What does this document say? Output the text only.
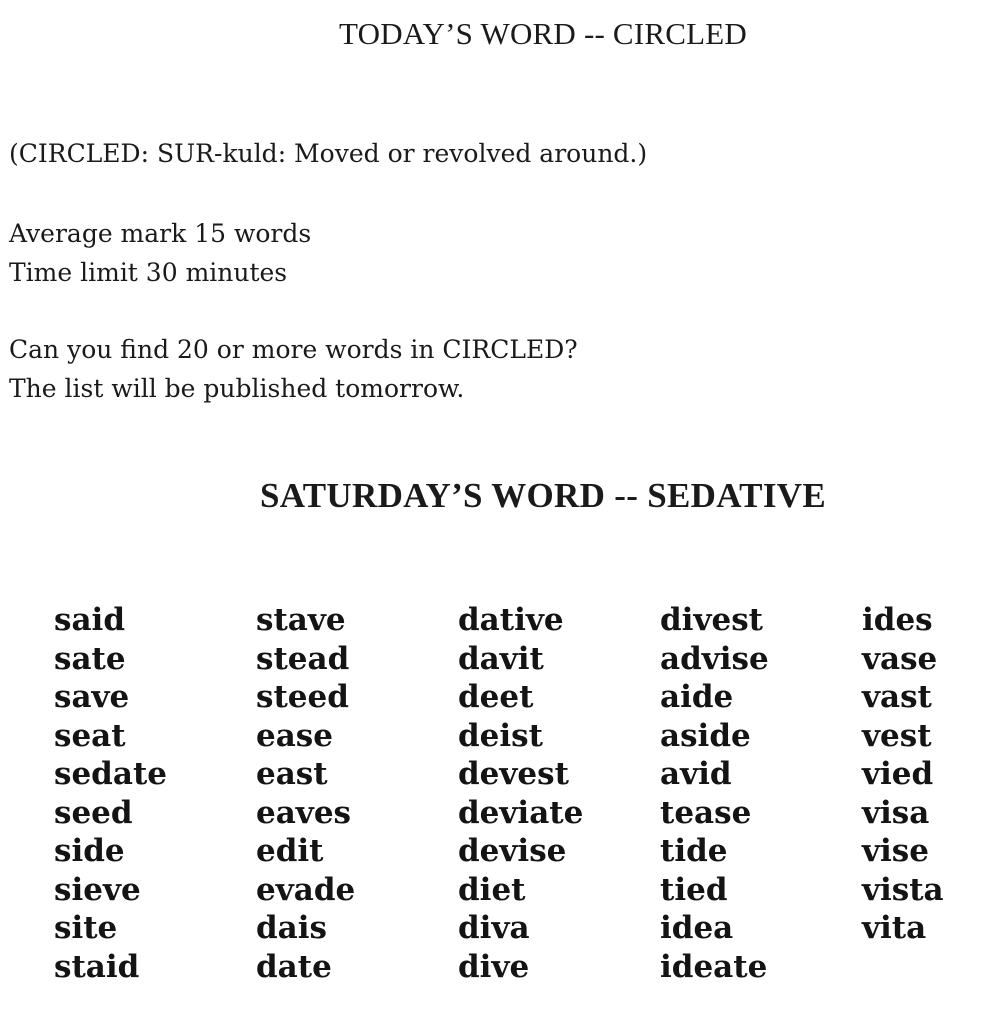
TODAY’S WORD -- CIRCLED

(CIRCLED: SUR-kuld: Moved or revolved around.)

Average mark 15 words
Time limit 30 minutes

Can you find 20 or more words in CIRCLED?
The list will be published tomorrow.

SATURDAY’S WORD -- SEDATIVE
said
sate
save
seat
sedate
seed
side
sieve
site
staid
stave
stead
steed
ease
east
eaves
edit
evade
dais
date
dative
davit
deet
deist
devest
deviate
devise
diet
diva
dive
divest
advise
aide
aside
avid
tease
tide
tied
idea
ideate
ides
vase
vast
vest
vied
visa
vise
vista
vita
